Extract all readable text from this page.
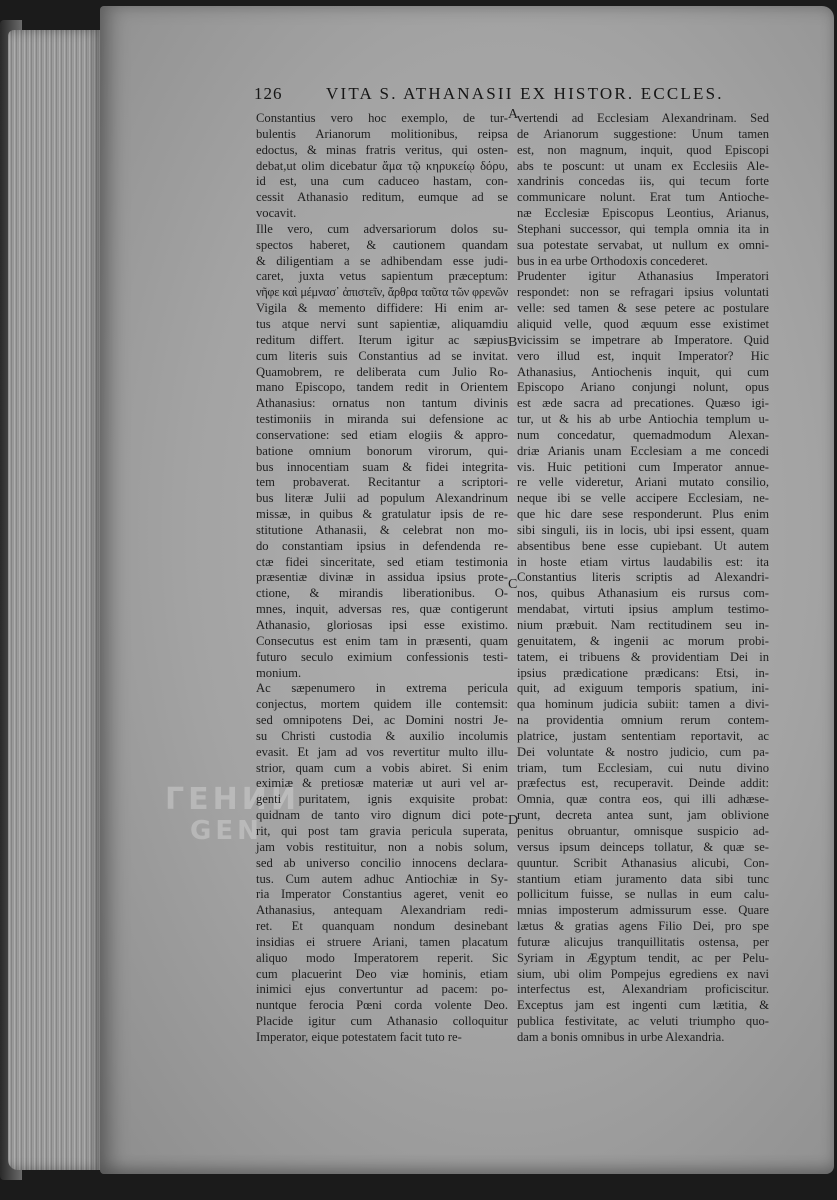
ГЕНИЙ
GEN
126	VITA S. ATHANASII EX HISTOR. ECCLES.
Constantius vero hoc exemplo, de tur-
bulentis Arianorum molitionibus, reipsa
edoctus, & minas fratris veritus, qui osten-
debat,ut olim dicebatur ἅμα τῷ κηρυκείῳ δόρυ,
id est, una cum caduceo hastam, con-
cessit Athanasio reditum, eumque ad se
vocavit.
Ille vero, cum adversariorum dolos su-
spectos haberet, & cautionem quandam
& diligentiam a se adhibendam esse judi-
caret, juxta vetus sapientum præceptum:
νῆφε καὶ μέμνασ᾽ ἀπιστεῖν, ἄρθρα ταῦτα τῶν φρενῶν
Vigila & memento diffidere: Hi enim ar-
tus atque nervi sunt sapientiæ, aliquamdiu
reditum differt. Iterum igitur ac sæpius
cum literis suis Constantius ad se invitat.
Quamobrem, re deliberata cum Julio Ro-
mano Episcopo, tandem redit in Orientem
Athanasius: ornatus non tantum divinis
testimoniis in miranda sui defensione ac
conservatione: sed etiam elogiis & appro-
batione omnium bonorum virorum, qui-
bus innocentiam suam & fidei integrita-
tem probaverat. Recitantur a scriptori-
bus literæ Julii ad populum Alexandrinum
missæ, in quibus & gratulatur ipsis de re-
stitutione Athanasii, & celebrat non mo-
do constantiam ipsius in defendenda re-
ctæ fidei sinceritate, sed etiam testimonia
præsentiæ divinæ in assidua ipsius prote-
ctione, & mirandis liberationibus. O-
mnes, inquit, adversas res, quæ contigerunt
Athanasio, gloriosas ipsi esse existimo.
Consecutus est enim tam in præsenti, quam
futuro seculo eximium confessionis testi-
monium.
Ac sæpenumero in extrema pericula
conjectus, mortem quidem ille contemsit:
sed omnipotens Dei, ac Domini nostri Je-
su Christi custodia & auxilio incolumis
evasit. Et jam ad vos revertitur multo illu-
strior, quam cum a vobis abiret. Si enim
eximiæ & pretiosæ materiæ ut auri vel ar-
genti puritatem, ignis exquisite probat:
quidnam de tanto viro dignum dici pote-
rit, qui post tam gravia pericula superata,
jam vobis restituitur, non a nobis solum,
sed ab universo concilio innocens declara-
tus. Cum autem adhuc Antiochiæ in Sy-
ria Imperator Constantius ageret, venit eo
Athanasius, antequam Alexandriam redi-
ret. Et quanquam nondum desinebant
insidias ei struere Ariani, tamen placatum
aliquo modo Imperatorem reperit. Sic
cum placuerint Deo viæ hominis, etiam
inimici ejus convertuntur ad pacem: po-
nuntque ferocia Pœni corda volente Deo.
Placide igitur cum Athanasio colloquitur
Imperator, eique potestatem facit tuto re-
vertendi ad Ecclesiam Alexandrinam. Sed
de Arianorum suggestione: Unum tamen
est, non magnum, inquit, quod Episcopi
abs te poscunt: ut unam ex Ecclesiis Ale-
xandrinis concedas iis, qui tecum forte
communicare nolunt. Erat tum Antioche-
næ Ecclesiæ Episcopus Leontius, Arianus,
Stephani successor, qui templa omnia ita in
sua potestate servabat, ut nullum ex omni-
bus in ea urbe Orthodoxis concederet.
Prudenter igitur Athanasius Imperatori
respondet: non se refragari ipsius voluntati
velle: sed tamen & sese petere ac postulare
aliquid velle, quod æquum esse existimet
vicissim se impetrare ab Imperatore. Quid
vero illud est, inquit Imperator? Hic
Athanasius, Antiochenis inquit, qui cum
Episcopo Ariano conjungi nolunt, opus
est æde sacra ad precationes. Quæso igi-
tur, ut & his ab urbe Antiochia templum u-
num concedatur, quemadmodum Alexan-
driæ Arianis unam Ecclesiam a me concedi
vis. Huic petitioni cum Imperator annue-
re velle videretur, Ariani mutato consilio,
neque ibi se velle accipere Ecclesiam, ne-
que hic dare sese responderunt. Plus enim
sibi singuli, iis in locis, ubi ipsi essent, quam
absentibus bene esse cupiebant. Ut autem
in hoste etiam virtus laudabilis est: ita
Constantius literis scriptis ad Alexandri-
nos, quibus Athanasium eis rursus com-
mendabat, virtuti ipsius amplum testimo-
nium præbuit. Nam rectitudinem seu in-
genuitatem, & ingenii ac morum probi-
tatem, ei tribuens & providentiam Dei in
ipsius prædicatione prædicans: Etsi, in-
quit, ad exiguum temporis spatium, ini-
qua hominum judicia subiit: tamen a divi-
na providentia omnium rerum contem-
platrice, justam sententiam reportavit, ac
Dei voluntate & nostro judicio, cum pa-
triam, tum Ecclesiam, cui nutu divino
præfectus est, recuperavit. Deinde addit:
Omnia, quæ contra eos, qui illi adhæse-
runt, decreta antea sunt, jam oblivione
penitus obruantur, omnisque suspicio ad-
versus ipsum deinceps tollatur, & quæ se-
quuntur. Scribit Athanasius alicubi, Con-
stantium etiam juramento data sibi tunc
pollicitum fuisse, se nullas in eum calu-
mnias imposterum admissurum esse. Quare
lætus & gratias agens Filio Dei, pro spe
futuræ alicujus tranquillitatis ostensa, per
Syriam in Ægyptum tendit, ac per Pelu-
sium, ubi olim Pompejus egrediens ex navi
interfectus est, Alexandriam proficiscitur.
Exceptus jam est ingenti cum lætitia, &
publica festivitate, ac veluti triumpho quo-
dam a bonis omnibus in urbe Alexandria.
A
B
C
D
